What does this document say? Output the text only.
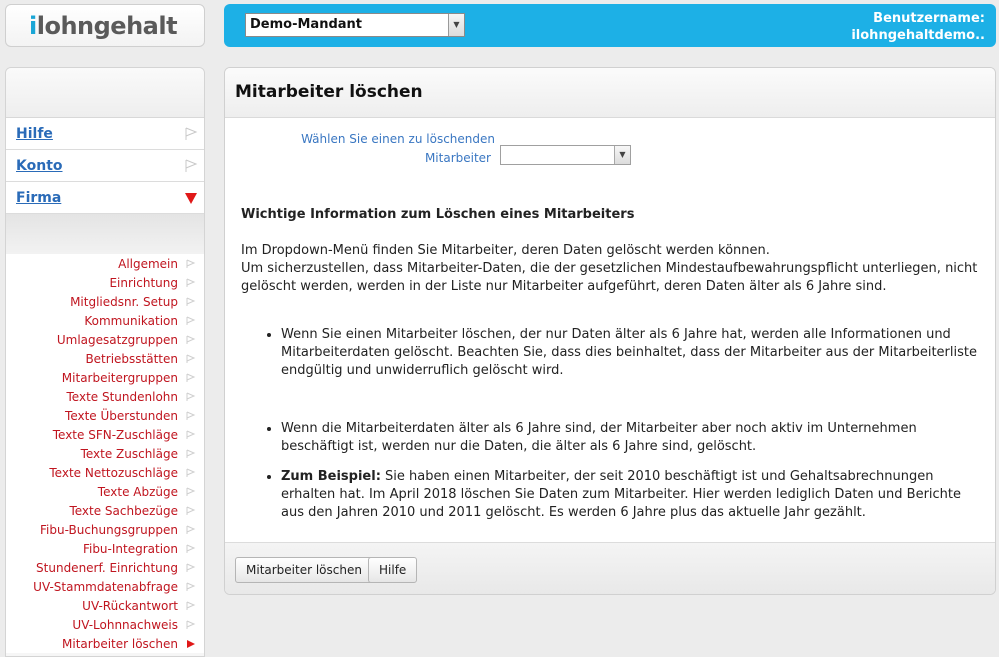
i lohngehalt	Demo-Mandant	▼	Benutzername:
ilohngehaltdemo..
Hilfe
Konto
Firma
Allgemein
Einrichtung
Mitgliedsnr. Setup
Kommunikation
Umlagesatzgruppen
Betriebsstätten
Mitarbeitergruppen
Texte Stundenlohn
Texte Überstunden
Texte SFN-Zuschläge
Texte Zuschläge
Texte Nettozuschläge
Texte Abzüge
Texte Sachbezüge
Fibu-Buchungsgruppen
Fibu-Integration
Stundenerf. Einrichtung
UV-Stammdatenabfrage
UV-Rückantwort
UV-Lohnnachweis
Mitarbeiter löschen
Mitarbeiter löschen
Wählen Sie einen zu löschenden
Mitarbeiter	▼
Wichtige Information zum Löschen eines Mitarbeiters

Im Dropdown-Menü finden Sie Mitarbeiter, deren Daten gelöscht werden können.

Um sicherzustellen, dass Mitarbeiter-Daten, die der gesetzlichen Mindestaufbewahrungspflicht unterliegen, nicht gelöscht werden, werden in der Liste nur Mitarbeiter aufgeführt, deren Daten älter als 6 Jahre sind.

• Wenn Sie einen Mitarbeiter löschen, der nur Daten älter als 6 Jahre hat, werden alle Informationen und Mitarbeiterdaten gelöscht. Beachten Sie, dass dies beinhaltet, dass der Mitarbeiter aus der Mitarbeiterliste endgültig und unwiderruflich gelöscht wird.
• Wenn die Mitarbeiterdaten älter als 6 Jahre sind, der Mitarbeiter aber noch aktiv im Unternehmen beschäftigt ist, werden nur die Daten, die älter als 6 Jahre sind, gelöscht.
• Zum Beispiel: Sie haben einen Mitarbeiter, der seit 2010 beschäftigt ist und Gehaltsabrechnungen erhalten hat. Im April 2018 löschen Sie Daten zum Mitarbeiter. Hier werden lediglich Daten und Berichte aus den Jahren 2010 und 2011 gelöscht. Es werden 6 Jahre plus das aktuelle Jahr gezählt.
Mitarbeiter löschen	Hilfe
